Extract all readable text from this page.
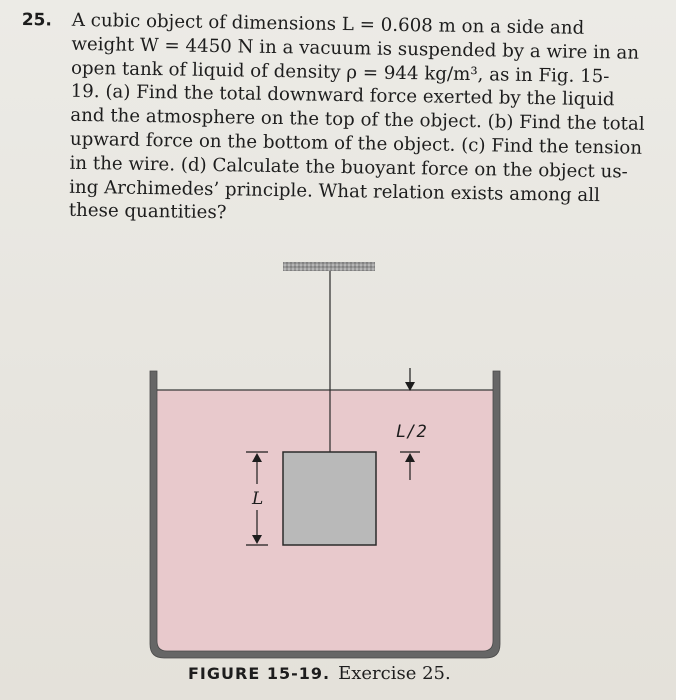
25.	A cubic object of dimensions L = 0.608 m on a side and
weight W = 4450 N in a vacuum is suspended by a wire in an
open tank of liquid of density ρ = 944 kg/m³, as in Fig. 15-
19. (a) Find the total downward force exerted by the liquid
and the atmosphere on the top of the object. (b) Find the total
upward force on the bottom of the object. (c) Find the tension
in the wire. (d) Calculate the buoyant force on the object us-
ing Archimedes’ principle. What relation exists among all
these quantities?
L/2
L
FIGURE 15-19. Exercise 25.
